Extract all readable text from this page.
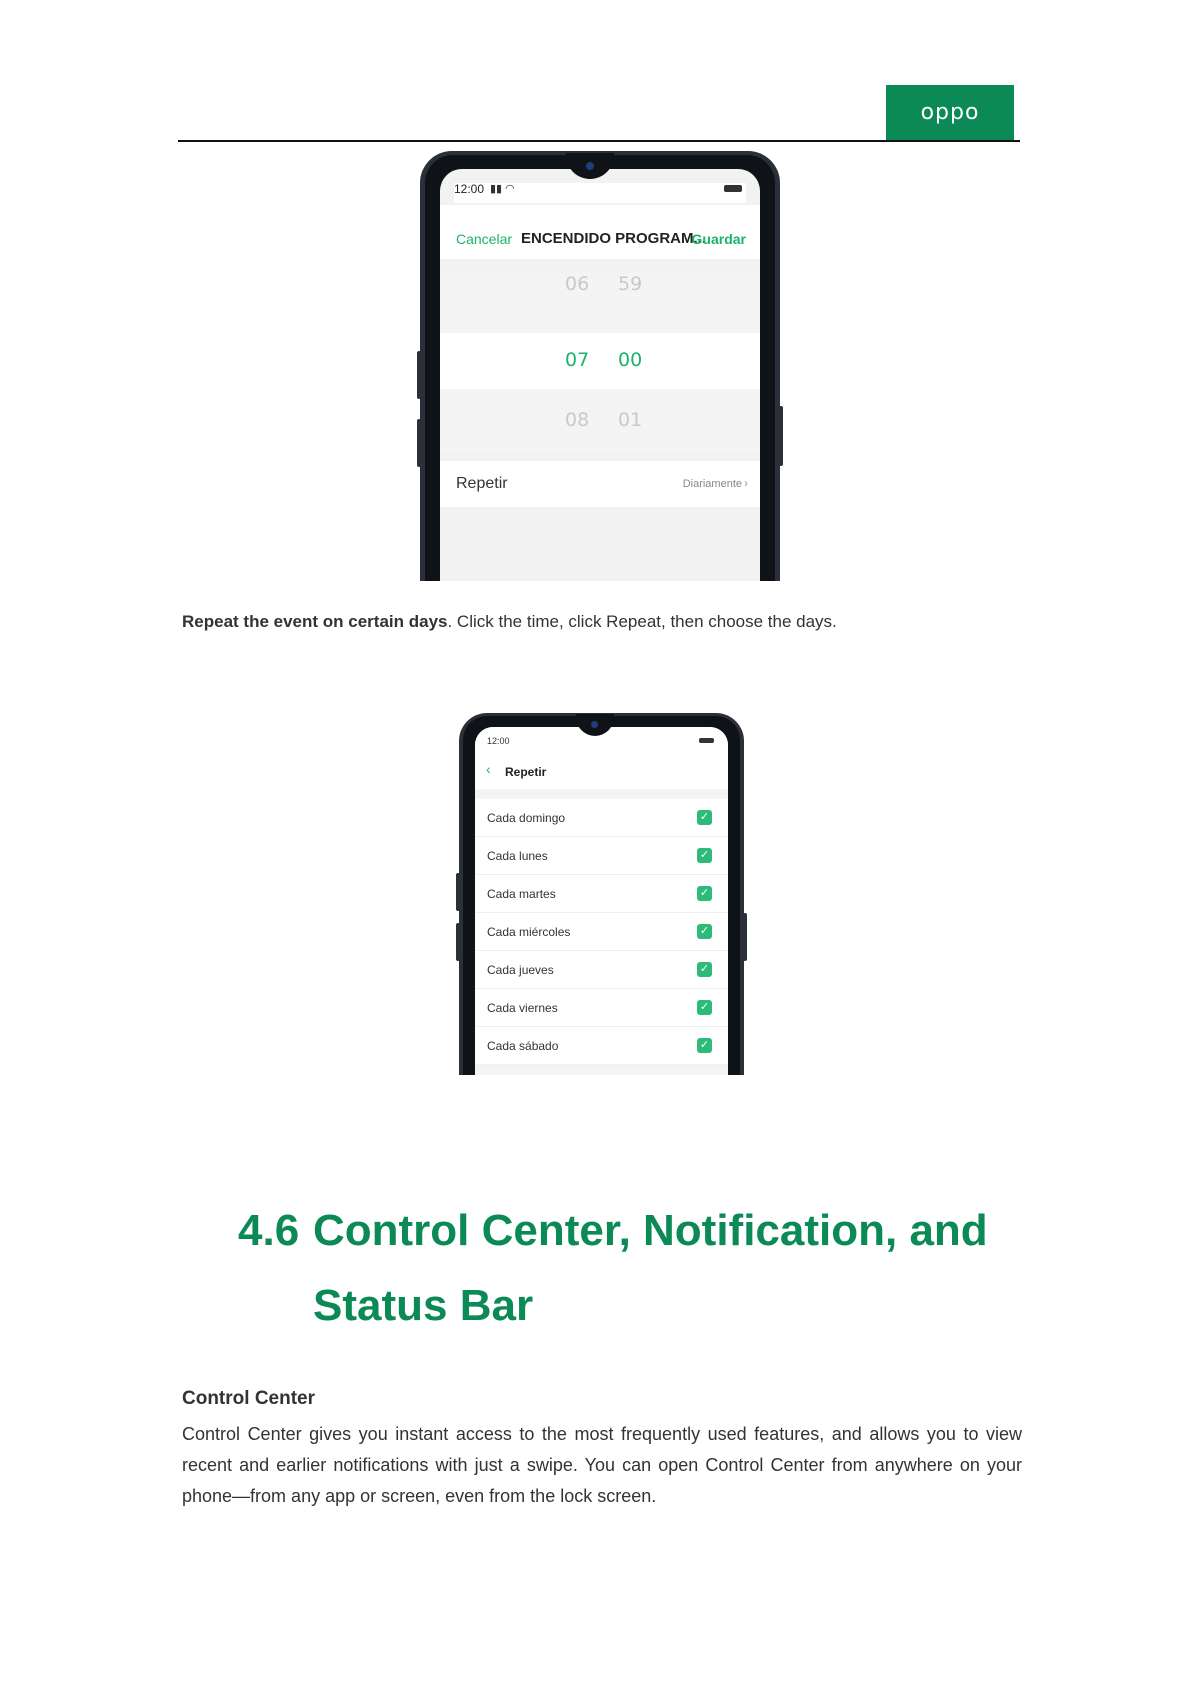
oppo
12:00 ▮▮ ◠
Cancelar ENCENDIDO PROGRAM...
Guardar
06 59
07 00
08 01
Repetir	Diariamente ›
Repeat the event on certain days. Click the time, click Repeat, then choose the days.
12:00
‹ Repetir
Cada domingo	✓
Cada lunes	✓
Cada martes	✓
Cada miércoles	✓
Cada jueves	✓
Cada viernes	✓
Cada sábado	✓
4.6 Control Center, Notification, and
Status Bar
Control Center
Control Center gives you instant access to the most frequently used features, and allows you to view recent and earlier notifications with just a swipe. You can open Control Center from anywhere on your phone—from any app or screen, even from the lock screen.
